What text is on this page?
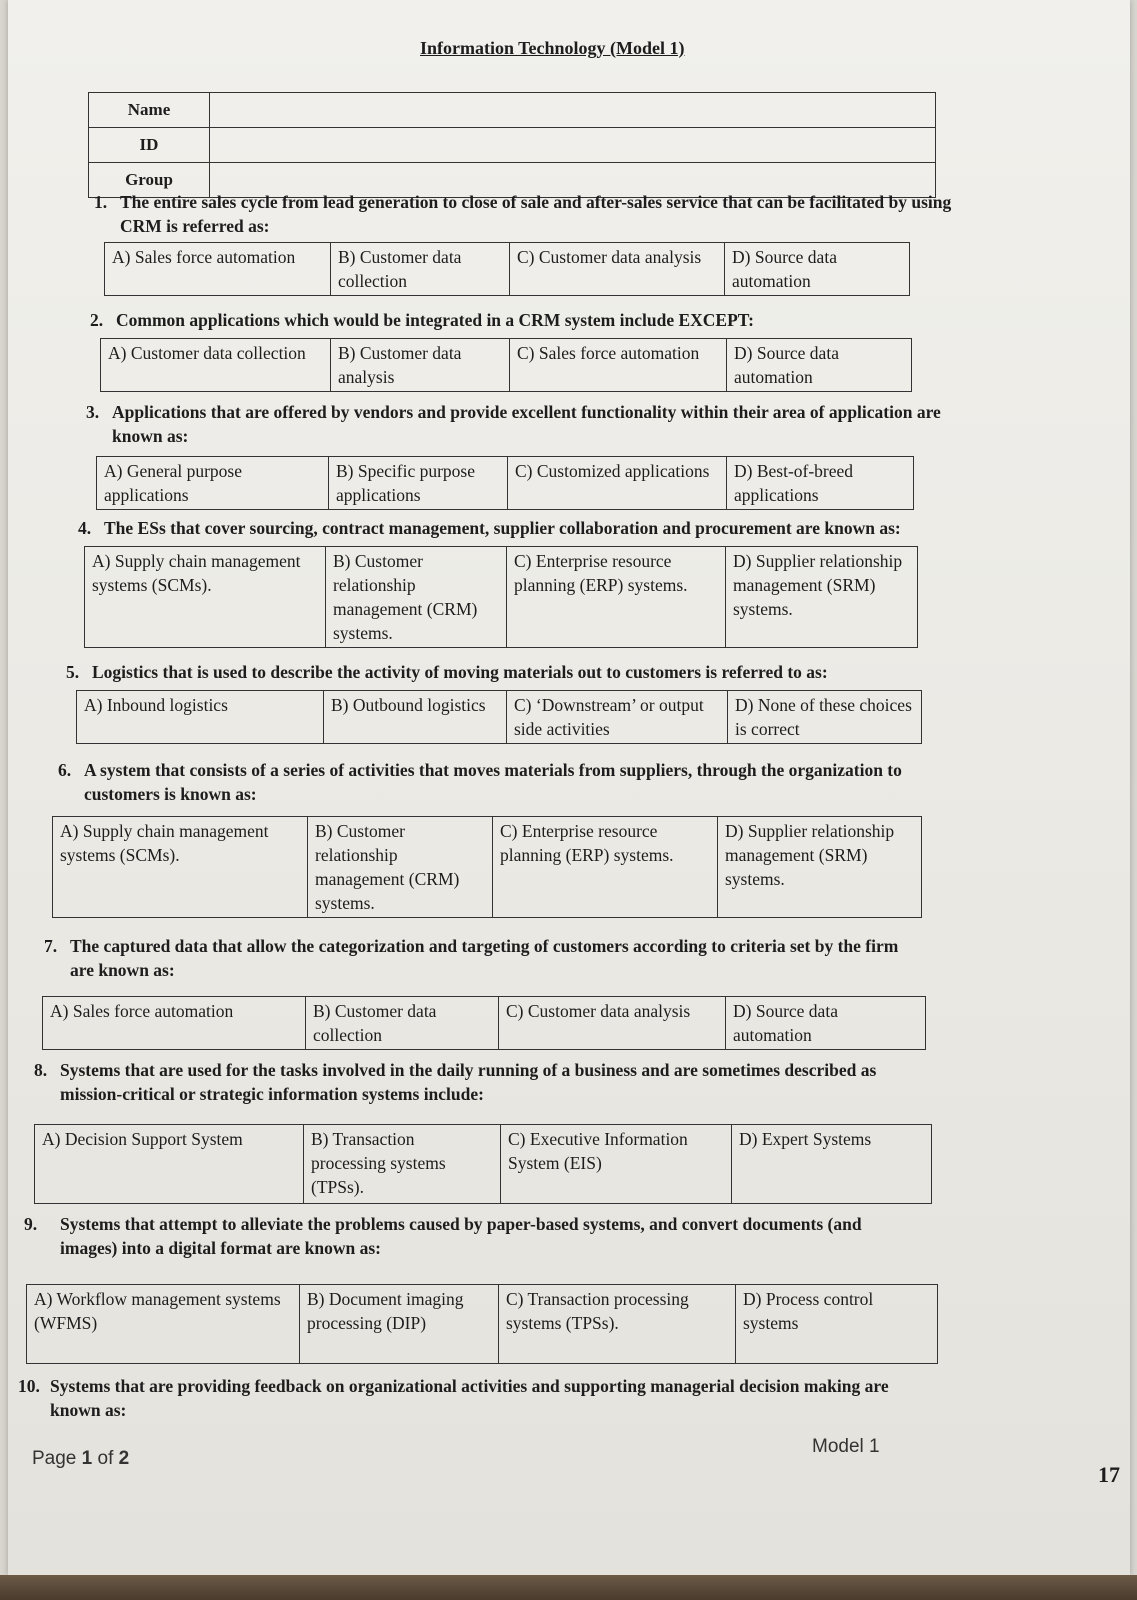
Information Technology (Model 1)
Name	
ID	
Group	
1. The entire sales cycle from lead generation to close of sale and after-sales service that can be facilitated by using
CRM is referred as:
A) Sales force automation	B) Customer data collection	C) Customer data analysis	D) Source data automation
2. Common applications which would be integrated in a CRM system include EXCEPT:
A) Customer data collection	B) Customer data analysis	C) Sales force automation	D) Source data automation
3. Applications that are offered by vendors and provide excellent functionality within their area of application are
known as:
A) General purpose applications	B) Specific purpose applications	C) Customized applications	D) Best-of-breed applications
4. The ESs that cover sourcing, contract management, supplier collaboration and procurement are known as:
A) Supply chain management systems (SCMs).	B) Customer relationship management (CRM) systems.	C) Enterprise resource planning (ERP) systems.	D) Supplier relationship management (SRM) systems.
5. Logistics that is used to describe the activity of moving materials out to customers is referred to as:
A) Inbound logistics	B) Outbound logistics	C) ‘Downstream’ or output side activities	D) None of these choices is correct
6. A system that consists of a series of activities that moves materials from suppliers, through the organization to
customers is known as:
A) Supply chain management systems (SCMs).	B) Customer relationship management (CRM) systems.	C) Enterprise resource planning (ERP) systems.	D) Supplier relationship management (SRM) systems.
7. The captured data that allow the categorization and targeting of customers according to criteria set by the firm
are known as:
A) Sales force automation	B) Customer data collection	C) Customer data analysis	D) Source data automation
8. Systems that are used for the tasks involved in the daily running of a business and are sometimes described as
mission-critical or strategic information systems include:
A) Decision Support System	B) Transaction processing systems (TPSs).	C) Executive Information System (EIS)	D) Expert Systems
9. Systems that attempt to alleviate the problems caused by paper-based systems, and convert documents (and
images) into a digital format are known as:
A) Workflow management systems (WFMS)	B) Document imaging processing (DIP)	C) Transaction processing systems (TPSs).	D) Process control systems
10. Systems that are providing feedback on organizational activities and supporting managerial decision making are
known as:
Page 1 of 2
Model 1
17
